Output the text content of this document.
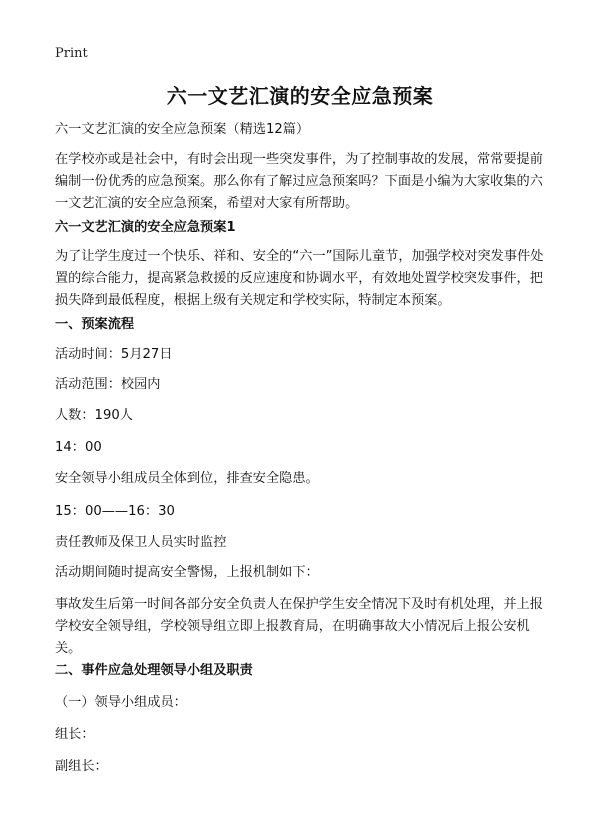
Print
六一文艺汇演的安全应急预案

六一文艺汇演的安全应急预案（精选12篇）

在学校亦或是社会中，有时会出现一些突发事件，为了控制事故的发展，常常要提前编制一份优秀的应急预案。那么你有了解过应急预案吗？下面是小编为大家收集的六一文艺汇演的安全应急预案，希望对大家有所帮助。

六一文艺汇演的安全应急预案1

为了让学生度过一个快乐、祥和、安全的“六一”国际儿童节，加强学校对突发事件处置的综合能力，提高紧急救援的反应速度和协调水平，有效地处置学校突发事件，把损失降到最低程度，根据上级有关规定和学校实际，特制定本预案。

一、预案流程

活动时间：5月27日

活动范围：校园内

人数：190人

14：00

安全领导小组成员全体到位，排查安全隐患。

15：00——16：30

责任教师及保卫人员实时监控

活动期间随时提高安全警惕，上报机制如下：

事故发生后第一时间各部分安全负责人在保护学生安全情况下及时有机处理，并上报学校安全领导组，学校领导组立即上报教育局，在明确事故大小情况后上报公安机关。

二、事件应急处理领导小组及职责

（一）领导小组成员：

组长：

副组长：
